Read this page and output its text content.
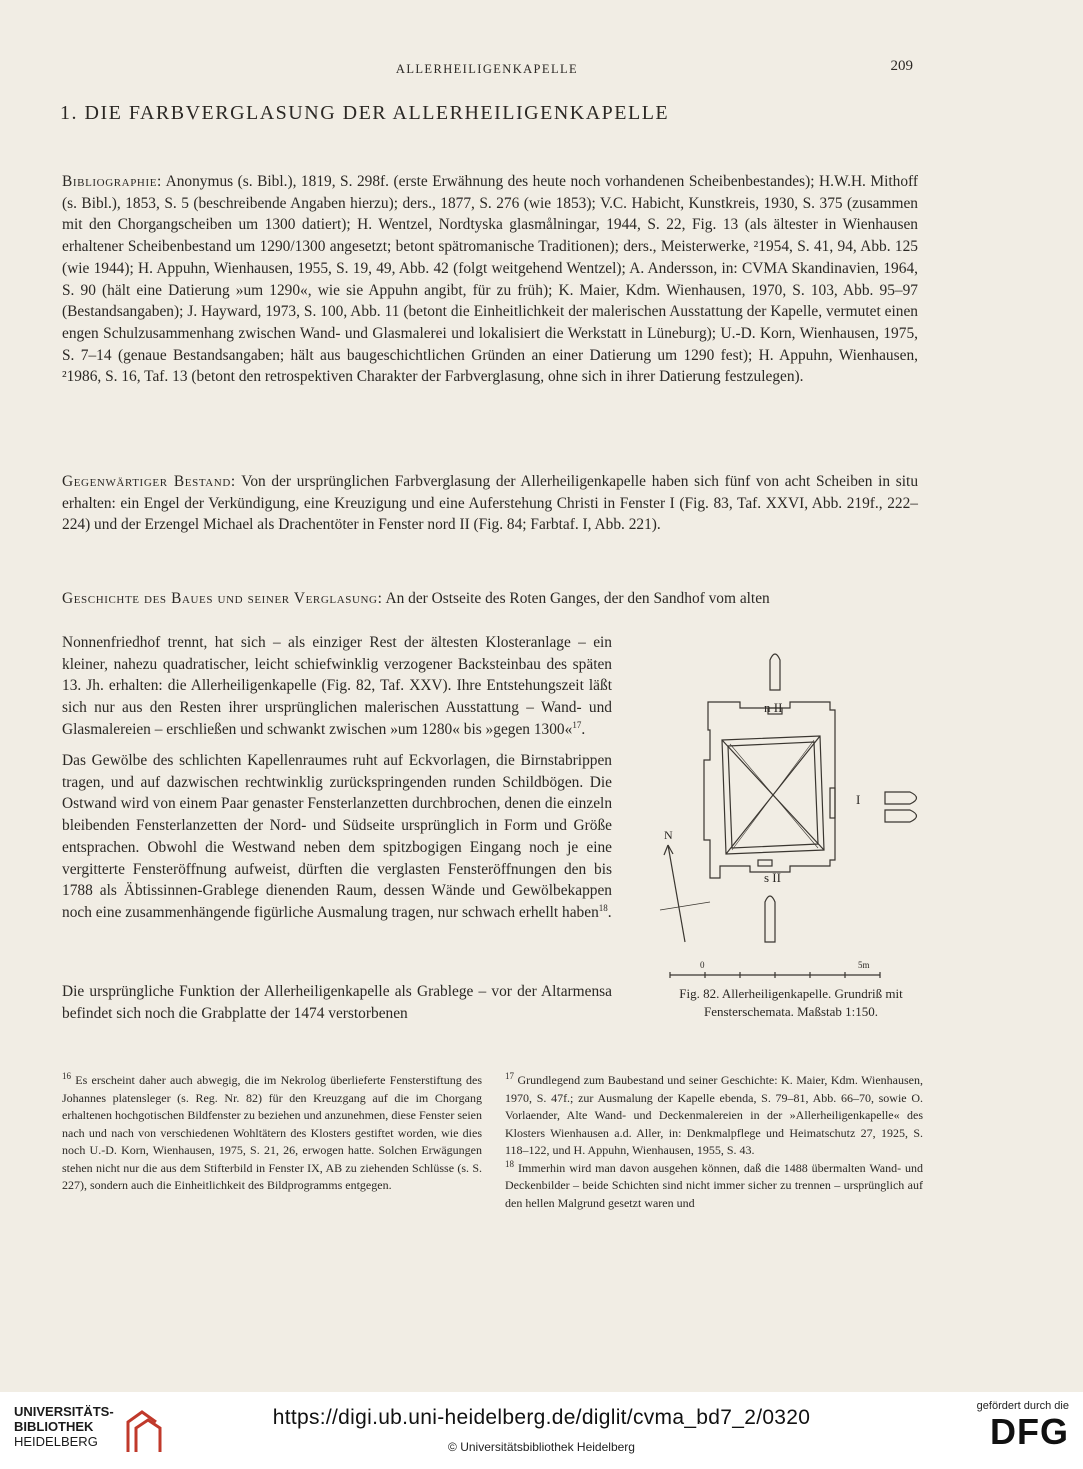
ALLERHEILIGENKAPELLE	209
1. DIE FARBVERGLASUNG DER ALLERHEILIGENKAPELLE

Bibliographie: Anonymus (s. Bibl.), 1819, S. 298f. (erste Erwähnung des heute noch vorhandenen Scheibenbestandes); H.W.H. Mithoff (s. Bibl.), 1853, S. 5 (beschreibende Angaben hierzu); ders., 1877, S. 276 (wie 1853); V.C. Habicht, Kunstkreis, 1930, S. 375 (zusammen mit den Chorgangscheiben um 1300 datiert); H. Wentzel, Nordtyska glasmålningar, 1944, S. 22, Fig. 13 (als ältester in Wienhausen erhaltener Scheibenbestand um 1290/1300 angesetzt; betont spätromanische Traditionen); ders., Meisterwerke, ²1954, S. 41, 94, Abb. 125 (wie 1944); H. Appuhn, Wienhausen, 1955, S. 19, 49, Abb. 42 (folgt weitgehend Wentzel); A. Andersson, in: CVMA Skandinavien, 1964, S. 90 (hält eine Datierung »um 1290«, wie sie Appuhn angibt, für zu früh); K. Maier, Kdm. Wienhausen, 1970, S. 103, Abb. 95–97 (Bestandsangaben); J. Hayward, 1973, S. 100, Abb. 11 (betont die Einheitlichkeit der malerischen Ausstattung der Kapelle, vermutet einen engen Schulzusammenhang zwischen Wand- und Glasmalerei und lokalisiert die Werkstatt in Lüneburg); U.-D. Korn, Wienhausen, 1975, S. 7–14 (genaue Bestandsangaben; hält aus baugeschichtlichen Gründen an einer Datierung um 1290 fest); H. Appuhn, Wienhausen, ²1986, S. 16, Taf. 13 (betont den retrospektiven Charakter der Farbverglasung, ohne sich in ihrer Datierung festzulegen).

Gegenwärtiger Bestand: Von der ursprünglichen Farbverglasung der Allerheiligenkapelle haben sich fünf von acht Scheiben in situ erhalten: ein Engel der Verkündigung, eine Kreuzigung und eine Auferstehung Christi in Fenster I (Fig. 83, Taf. XXVI, Abb. 219f., 222–224) und der Erzengel Michael als Drachentöter in Fenster nord II (Fig. 84; Farbtaf. I, Abb. 221).

Geschichte des Baues und seiner Verglasung: An der Ostseite des Roten Ganges, der den Sandhof vom alten

Nonnenfriedhof trennt, hat sich – als einziger Rest der ältesten Klosteranlage – ein kleiner, nahezu quadratischer, leicht schiefwinklig verzogener Backsteinbau des späten 13. Jh. erhalten: die Allerheiligenkapelle (Fig. 82, Taf. XXV). Ihre Entstehungszeit läßt sich nur aus den Resten ihrer ursprünglichen malerischen Ausstattung – Wand- und Glasmalereien – erschließen und schwankt zwischen »um 1280« bis »gegen 1300«$^{17}$.

Das Gewölbe des schlichten Kapellenraumes ruht auf Eckvorlagen, die Birnstabrippen tragen, und auf dazwischen rechtwinklig zurückspringenden runden Schildbögen. Die Ostwand wird von einem Paar genaster Fensterlanzetten durchbrochen, denen die einzeln bleibenden Fensterlanzetten der Nord- und Südseite ursprünglich in Form und Größe entsprachen. Obwohl die Westwand neben dem spitzbogigen Eingang noch je eine vergitterte Fensteröffnung aufweist, dürften die verglasten Fensteröffnungen den bis 1788 als Äbtissinnen-Grablege dienenden Raum, dessen Wände und Gewölbekappen noch eine zusammenhängende figürliche Ausmalung tragen, nur schwach erhellt haben$^{18}$.

Die ursprüngliche Funktion der Allerheiligenkapelle als Grablege – vor der Altarmensa befindet sich noch die Grabplatte der 1474 verstorbenen

n II
I
s II
N
0	5m
Fig. 82. Allerheiligenkapelle. Grundriß mit Fensterschemata. Maßstab 1:150.

$^{16}$ Es erscheint daher auch abwegig, die im Nekrolog überlieferte Fensterstiftung des Johannes platensleger (s. Reg. Nr. 82) für den Kreuzgang auf die im Chorgang erhaltenen hochgotischen Bildfenster zu beziehen und anzunehmen, diese Fenster seien nach und nach von verschiedenen Wohltätern des Klosters gestiftet worden, wie dies noch U.-D. Korn, Wienhausen, 1975, S. 21, 26, erwogen hatte. Solchen Erwägungen stehen nicht nur die aus dem Stifterbild in Fenster IX, AB zu ziehenden Schlüsse (s. S. 227), sondern auch die Einheitlichkeit des Bildprogramms entgegen.

$^{17}$ Grundlegend zum Baubestand und seiner Geschichte: K. Maier, Kdm. Wienhausen, 1970, S. 47f.; zur Ausmalung der Kapelle ebenda, S. 79–81, Abb. 66–70, sowie O. Vorlaender, Alte Wand- und Deckenmalereien in der »Allerheiligenkapelle« des Klosters Wienhausen a.d. Aller, in: Denkmalpflege und Heimatschutz 27, 1925, S. 118–122, und H. Appuhn, Wienhausen, 1955, S. 43.

$^{18}$ Immerhin wird man davon ausgehen können, daß die 1488 übermalten Wand- und Deckenbilder – beide Schichten sind nicht immer sicher zu trennen – ursprünglich auf den hellen Malgrund gesetzt waren und

UNIVERSITÄTS-
BIBLIOTHEK
HEIDELBERG
https://digi.ub.uni-heidelberg.de/diglit/cvma_bd7_2/0320
© Universitätsbibliothek Heidelberg
gefördert durch die
DFG
